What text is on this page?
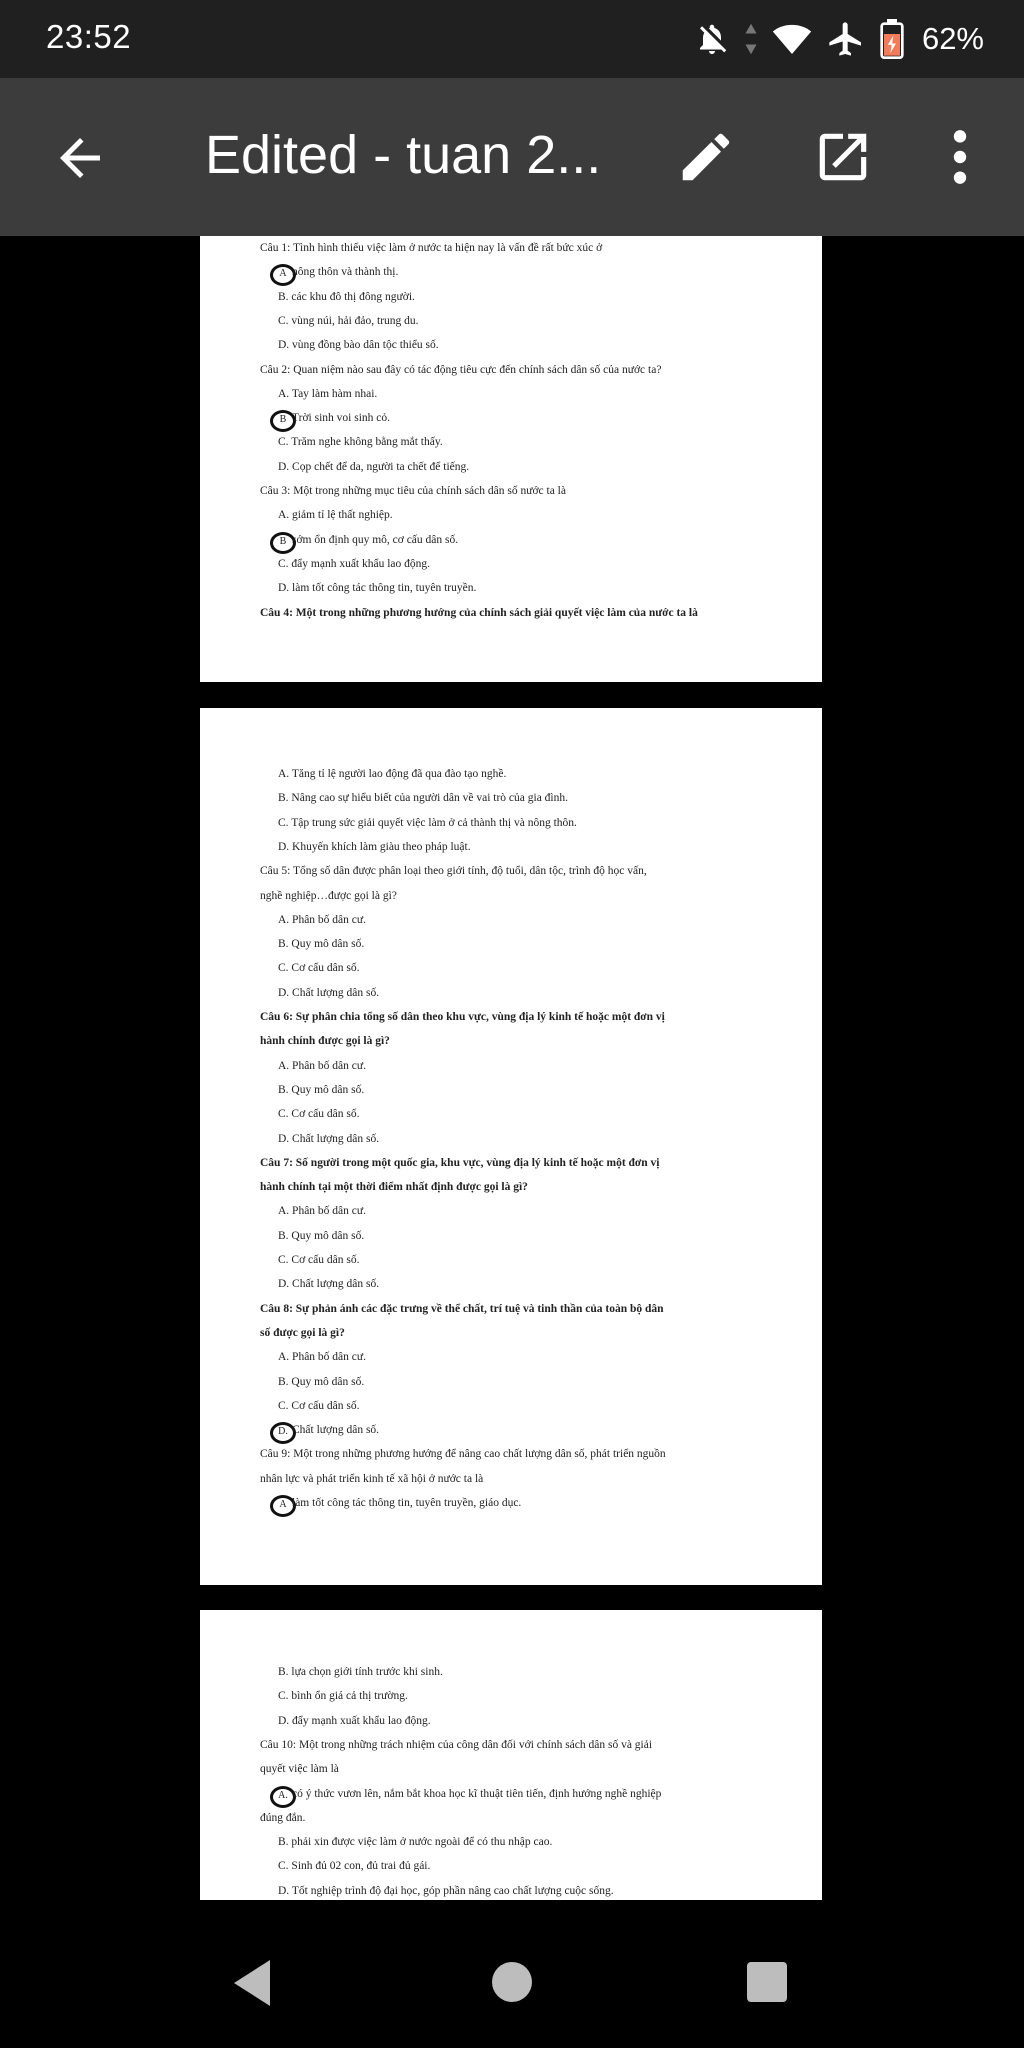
23:52	62%
Edited - tuan 2...
Câu 1: Tình hình thiếu việc làm ở nước ta hiện nay là vấn đề rất bức xúc ở
A nông thôn và thành thị.
B. các khu đô thị đông người.
C. vùng núi, hải đảo, trung du.
D. vùng đồng bào dân tộc thiểu số.
Câu 2: Quan niệm nào sau đây có tác động tiêu cực đến chính sách dân số của nước ta?
A. Tay làm hàm nhai.
B Trời sinh voi sinh cỏ.
C. Trăm nghe không bằng mắt thấy.
D. Cọp chết để da, người ta chết để tiếng.
Câu 3: Một trong những mục tiêu của chính sách dân số nước ta là
A. giảm tỉ lệ thất nghiệp.
B sớm ổn định quy mô, cơ cấu dân số.
C. đẩy mạnh xuất khẩu lao động.
D. làm tốt công tác thông tin, tuyên truyền.
Câu 4: Một trong những phương hướng của chính sách giải quyết việc làm của nước ta là
A. Tăng tỉ lệ người lao động đã qua đào tạo nghề.
B. Nâng cao sự hiểu biết của người dân về vai trò của gia đình.
C. Tập trung sức giải quyết việc làm ở cả thành thị và nông thôn.
D. Khuyến khích làm giàu theo pháp luật.
Câu 5: Tổng số dân được phân loại theo giới tính, độ tuổi, dân tộc, trình độ học vấn,
nghề nghiệp…được gọi là gì?
A. Phân bố dân cư.
B. Quy mô dân số.
C. Cơ cấu dân số.
D. Chất lượng dân số.
Câu 6: Sự phân chia tổng số dân theo khu vực, vùng địa lý kinh tế hoặc một đơn vị
hành chính được gọi là gì?
A. Phân bố dân cư.
B. Quy mô dân số.
C. Cơ cấu dân số.
D. Chất lượng dân số.
Câu 7: Số người trong một quốc gia, khu vực, vùng địa lý kinh tế hoặc một đơn vị
hành chính tại một thời điểm nhất định được gọi là gì?
A. Phân bố dân cư.
B. Quy mô dân số.
C. Cơ cấu dân số.
D. Chất lượng dân số.
Câu 8: Sự phản ánh các đặc trưng về thể chất, trí tuệ và tinh thần của toàn bộ dân
số được gọi là gì?
A. Phân bố dân cư.
B. Quy mô dân số.
C. Cơ cấu dân số.
D. Chất lượng dân số.
Câu 9: Một trong những phương hướng để nâng cao chất lượng dân số, phát triển nguồn
nhân lực và phát triển kinh tế xã hội ở nước ta là
A làm tốt công tác thông tin, tuyên truyền, giáo dục.
B. lựa chọn giới tính trước khi sinh.
C. bình ổn giá cả thị trường.
D. đẩy mạnh xuất khẩu lao động.
Câu 10: Một trong những trách nhiệm của công dân đối với chính sách dân số và giải
quyết việc làm là
A. có ý thức vươn lên, nắm bắt khoa học kĩ thuật tiên tiến, định hướng nghề nghiệp
đúng đắn.
B. phải xin được việc làm ở nước ngoài để có thu nhập cao.
C. Sinh đủ 02 con, đủ trai đủ gái.
D. Tốt nghiệp trình độ đại học, góp phần nâng cao chất lượng cuộc sống.
